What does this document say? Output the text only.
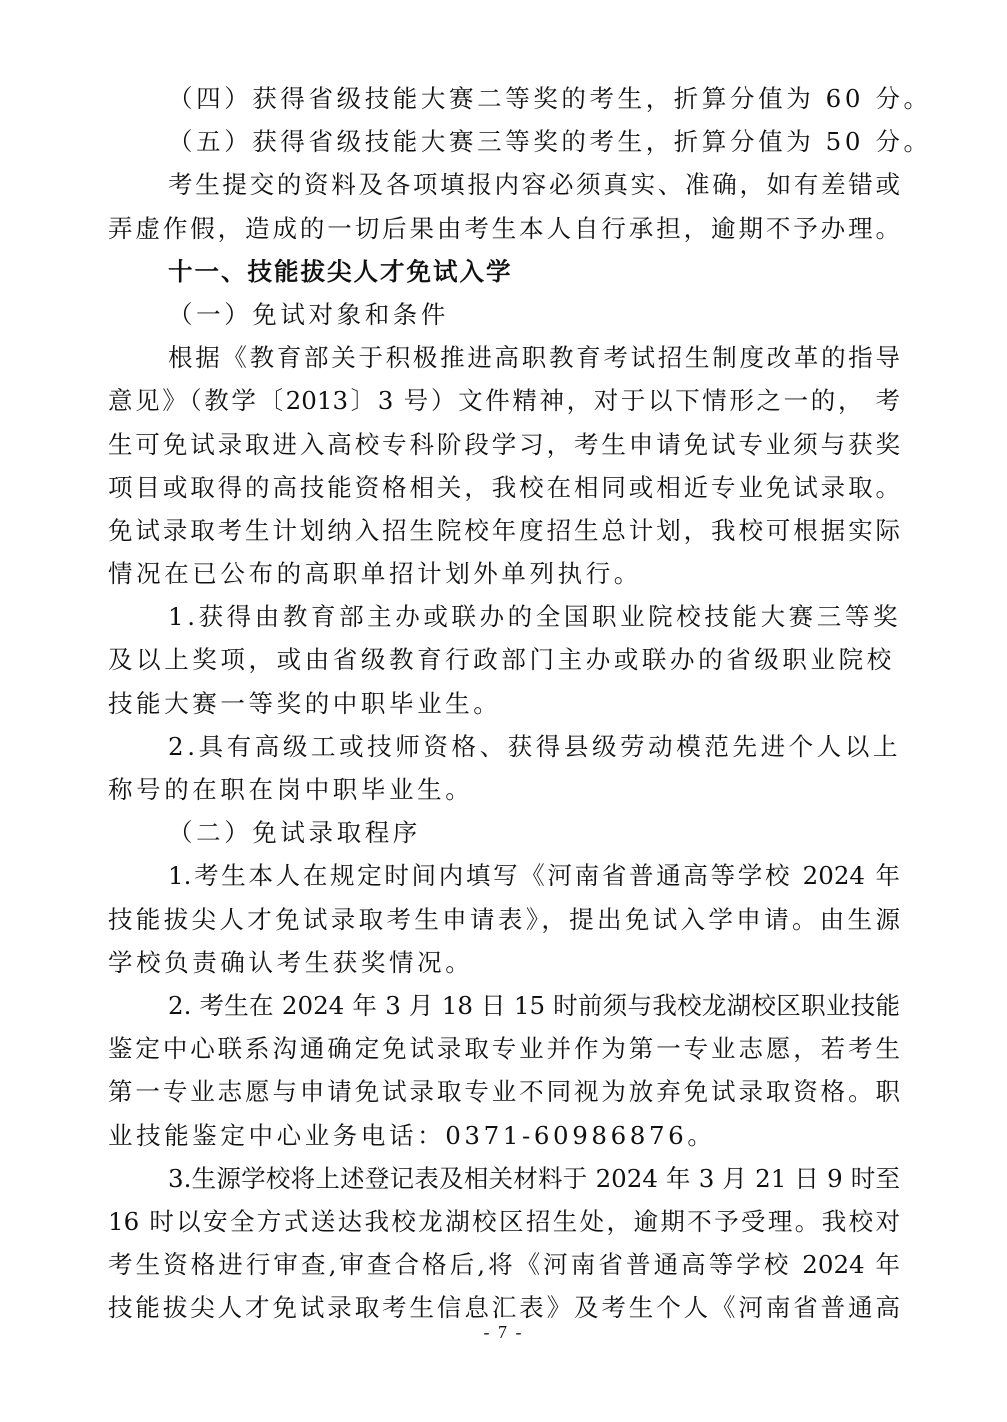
（四）获得省级技能大赛二等奖的考生，折算分值为 60 分。
（五）获得省级技能大赛三等奖的考生，折算分值为 50 分。
考生提交的资料及各项填报内容必须真实、准确，如有差错或
弄虚作假，造成的一切后果由考生本人自行承担，逾期不予办理。
十一、技能拔尖人才免试入学
（一）免试对象和条件
根据《教育部关于积极推进高职教育考试招生制度改革的指导
意见》（教学〔2013〕3 号）文件精神，对于以下情形之一的， 考
生可免试录取进入高校专科阶段学习，考生申请免试专业须与获奖
项目或取得的高技能资格相关，我校在相同或相近专业免试录取。
免试录取考生计划纳入招生院校年度招生总计划，我校可根据实际
情况在已公布的高职单招计划外单列执行。
1.获得由教育部主办或联办的全国职业院校技能大赛三等奖
及以上奖项，或由省级教育行政部门主办或联办的省级职业院校
技能大赛一等奖的中职毕业生。
2.具有高级工或技师资格、获得县级劳动模范先进个人以上
称号的在职在岗中职毕业生。
（二）免试录取程序
1.考生本人在规定时间内填写《河南省普通高等学校 2024 年
技能拔尖人才免试录取考生申请表》，提出免试入学申请。由生源
学校负责确认考生获奖情况。
2. 考生在 2024 年 3 月 18 日 15 时前须与我校龙湖校区职业技能
鉴定中心联系沟通确定免试录取专业并作为第一专业志愿，若考生
第一专业志愿与申请免试录取专业不同视为放弃免试录取资格。职
业技能鉴定中心业务电话：0371-60986876。
3.生源学校将上述登记表及相关材料于 2024 年 3 月 21 日 9 时至
16 时以安全方式送达我校龙湖校区招生处，逾期不予受理。我校对
考生资格进行审查,审查合格后,将《河南省普通高等学校 2024 年
技能拔尖人才免试录取考生信息汇表》及考生个人《河南省普通高
- 7 -
